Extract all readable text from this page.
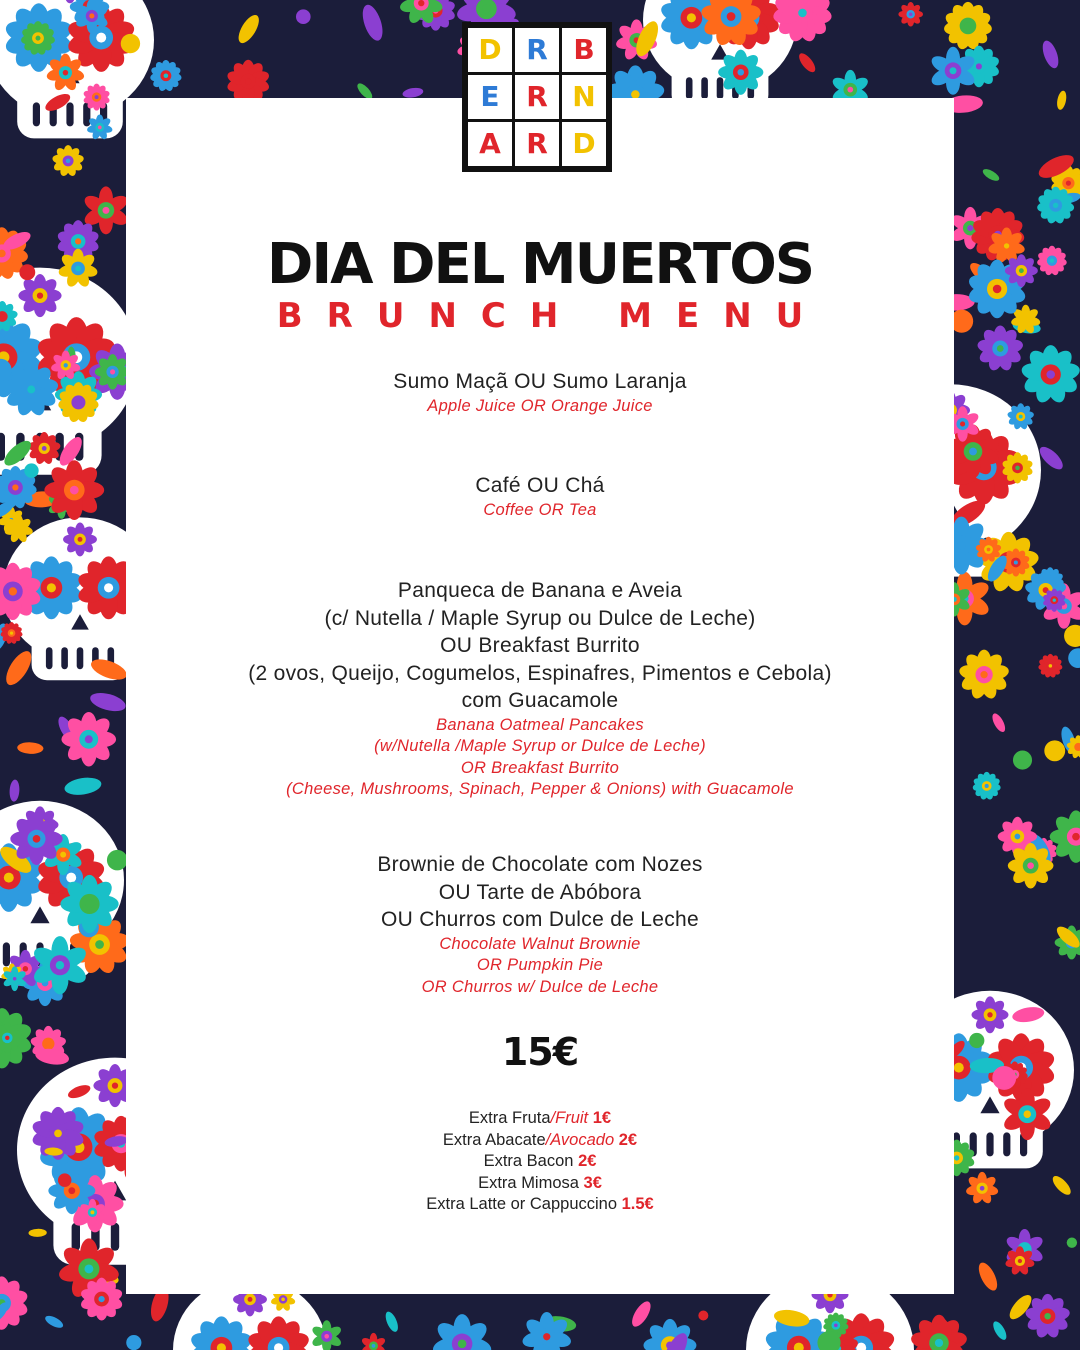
D R B
E R N
A R D
DIA DEL MUERTOS
BRUNCH MENU
Sumo Maçã OU Sumo Laranja
Apple Juice OR Orange Juice
Café OU Chá
Coffee OR Tea
Panqueca de Banana e Aveia
(c/ Nutella / Maple Syrup ou Dulce de Leche)
OU Breakfast Burrito
(2 ovos, Queijo, Cogumelos, Espinafres, Pimentos e Cebola)
com Guacamole
Banana Oatmeal Pancakes
(w/Nutella /Maple Syrup or Dulce de Leche)
OR Breakfast Burrito
(Cheese, Mushrooms, Spinach, Pepper & Onions) with Guacamole
Brownie de Chocolate com Nozes
OU Tarte de Abóbora
OU Churros com Dulce de Leche
Chocolate Walnut Brownie
OR Pumpkin Pie
OR Churros w/ Dulce de Leche
15€
Extra Fruta/Fruit 1€
Extra Abacate/Avocado 2€
Extra Bacon 2€
Extra Mimosa 3€
Extra Latte or Cappuccino 1.5€
